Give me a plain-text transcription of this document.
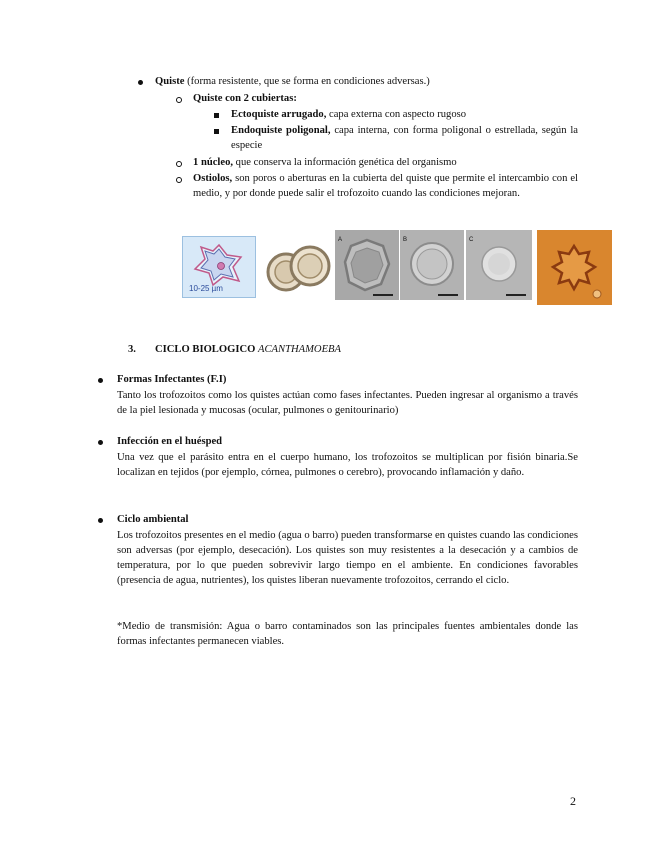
Quiste (forma resistente, que se forma en condiciones adversas.)
Quiste con 2 cubiertas:
Ectoquiste arrugado, capa externa con aspecto rugoso
Endoquiste poligonal, capa interna, con forma poligonal o estrellada, según la especie
1 núcleo, que conserva la información genética del organismo
Ostiolos, son poros o aberturas en la cubierta del quiste que permite el intercambio con el medio, y por donde puede salir el trofozoito cuando las condiciones mejoran.
10-25 µm
A	B	C
3. CICLO BIOLOGICO ACANTHAMOEBA
Formas Infectantes (F.I)
Tanto los trofozoitos como los quistes actúan como fases infectantes. Pueden ingresar al organismo a través de la piel lesionada y mucosas (ocular, pulmones o genitourinario)
Infección en el huésped
Una vez que el parásito entra en el cuerpo humano, los trofozoitos se multiplican por fisión binaria.Se localizan en tejidos (por ejemplo, córnea, pulmones o cerebro), provocando inflamación y daño.
Ciclo ambiental
Los trofozoitos presentes en el medio (agua o barro) pueden transformarse en quistes cuando las condiciones son adversas (por ejemplo, desecación). Los quistes son muy resistentes a la desecación y a cambios de temperatura, por lo que pueden sobrevivir largo tiempo en el ambiente. En condiciones favorables (presencia de agua, nutrientes), los quistes liberan nuevamente trofozoitos, cerrando el ciclo.
*Medio de transmisión: Agua o barro contaminados son las principales fuentes ambientales donde las formas infectantes permanecen viables.
2
